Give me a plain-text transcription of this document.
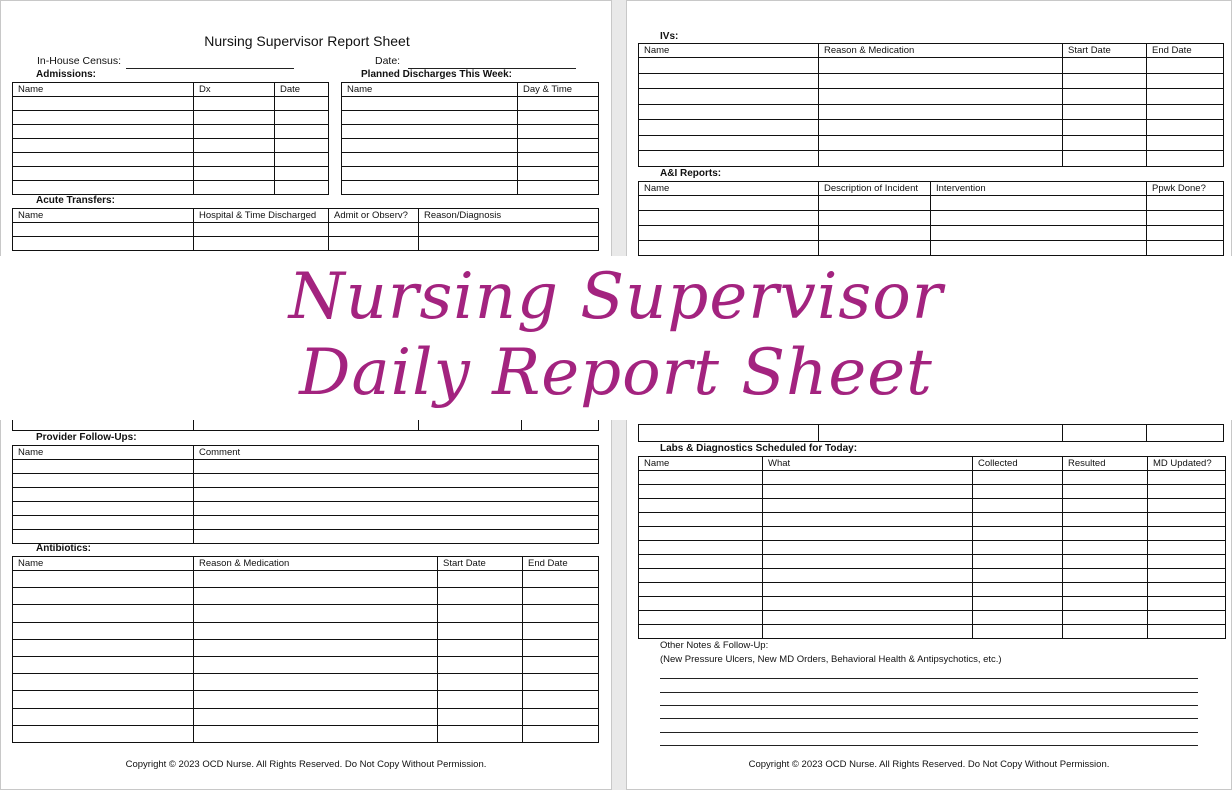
Nursing Supervisor Report Sheet
In-House Census:	Date:
Admissions:
Name	Dx	Date

Planned Discharges This Week:
Name	Day & Time

Acute Transfers:
Name	Hospital & Time Discharged	Admit or Observ?	Reason/Diagnosis

Provider Follow-Ups:
Name	Comment

Antibiotics:
Name	Reason & Medication	Start Date	End Date

IVs:
Name	Reason & Medication	Start Date	End Date

A&I Reports:
Name	Description of Incident	Intervention	Ppwk Done?

Labs & Diagnostics Scheduled for Today:
Name	What	Collected	Resulted	MD Updated?

Other Notes & Follow-Up:
(New Pressure Ulcers, New MD Orders, Behavioral Health & Antipsychotics, etc.)
Copyright © 2023 OCD Nurse. All Rights Reserved. Do Not Copy Without Permission.	Copyright © 2023 OCD Nurse. All Rights Reserved. Do Not Copy Without Permission.
Nursing Supervisor
Daily Report Sheet
